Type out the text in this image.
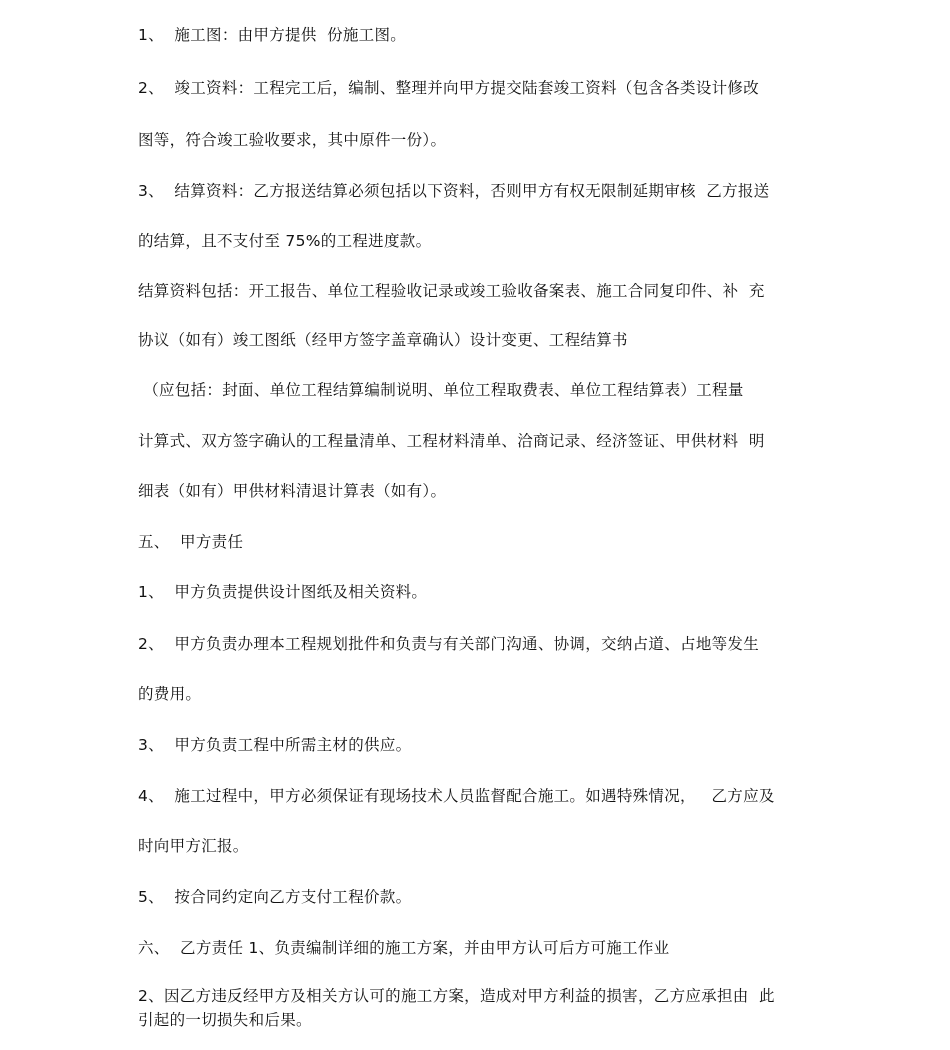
1、  施工图：由甲方提供  份施工图。
2、  竣工资料：工程完工后，编制、整理并向甲方提交陆套竣工资料（包含各类设计修改
图等，符合竣工验收要求，其中原件一份）。
3、  结算资料：乙方报送结算必须包括以下资料，否则甲方有权无限制延期审核  乙方报送
的结算，且不支付至 75%的工程进度款。
结算资料包括：开工报告、单位工程验收记录或竣工验收备案表、施工合同复印件、补  充
协议（如有）竣工图纸（经甲方签字盖章确认）设计变更、工程结算书
（应包括：封面、单位工程结算编制说明、单位工程取费表、单位工程结算表）工程量
计算式、双方签字确认的工程量清单、工程材料清单、洽商记录、经济签证、甲供材料  明
细表（如有）甲供材料清退计算表（如有）。
五、  甲方责任
1、  甲方负责提供设计图纸及相关资料。
2、  甲方负责办理本工程规划批件和负责与有关部门沟通、协调，交纳占道、占地等发生
的费用。
3、  甲方负责工程中所需主材的供应。
4、  施工过程中，甲方必须保证有现场技术人员监督配合施工。如遇特殊情况，   乙方应及
时向甲方汇报。
5、  按合同约定向乙方支付工程价款。
六、  乙方责任 1、负责编制详细的施工方案，并由甲方认可后方可施工作业
2、因乙方违反经甲方及相关方认可的施工方案，造成对甲方利益的损害，乙方应承担由  此
引起的一切损失和后果。
